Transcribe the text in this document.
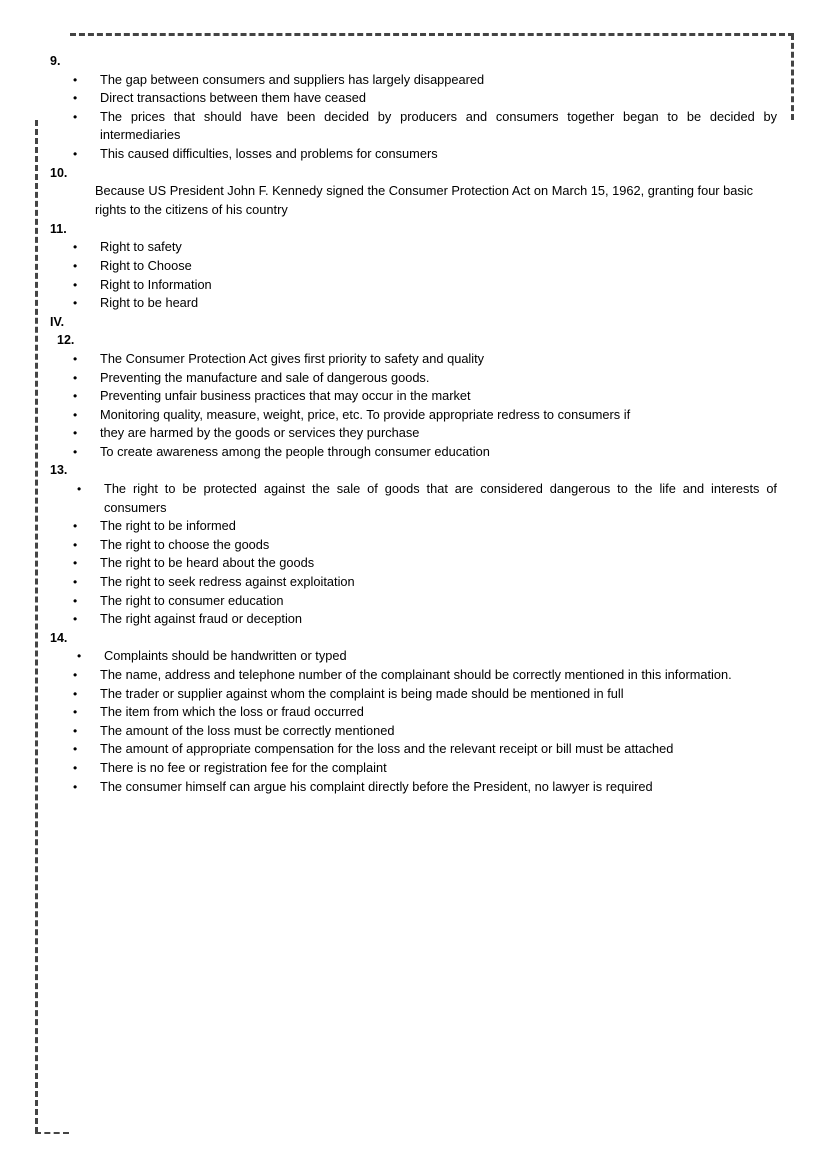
9.
• The gap between consumers and suppliers has largely disappeared
• Direct transactions between them have ceased
• The prices that should have been decided by producers and consumers together began to be decided by intermediaries
• This caused difficulties, losses and problems for consumers
10.
Because US President John F. Kennedy signed the Consumer Protection Act on March 15, 1962, granting four basic rights to the citizens of his country
11.
• Right to safety
• Right to Choose
• Right to Information
• Right to be heard
IV.
12.
• The Consumer Protection Act gives first priority to safety and quality
• Preventing the manufacture and sale of dangerous goods.
• Preventing unfair business practices that may occur in the market
• Monitoring quality, measure, weight, price, etc. To provide appropriate redress to consumers if
• they are harmed by the goods or services they purchase
• To create awareness among the people through consumer education
13.
• The right to be protected against the sale of goods that are considered dangerous to the life and interests of consumers
• The right to be informed
• The right to choose the goods
• The right to be heard about the goods
• The right to seek redress against exploitation
• The right to consumer education
• The right against fraud or deception
14.
• Complaints should be handwritten or typed
• The name, address and telephone number of the complainant should be correctly mentioned in this information.
• The trader or supplier against whom the complaint is being made should be mentioned in full
• The item from which the loss or fraud occurred
• The amount of the loss must be correctly mentioned
• The amount of appropriate compensation for the loss and the relevant receipt or bill must be attached
• There is no fee or registration fee for the complaint
• The consumer himself can argue his complaint directly before the President, no lawyer is required
